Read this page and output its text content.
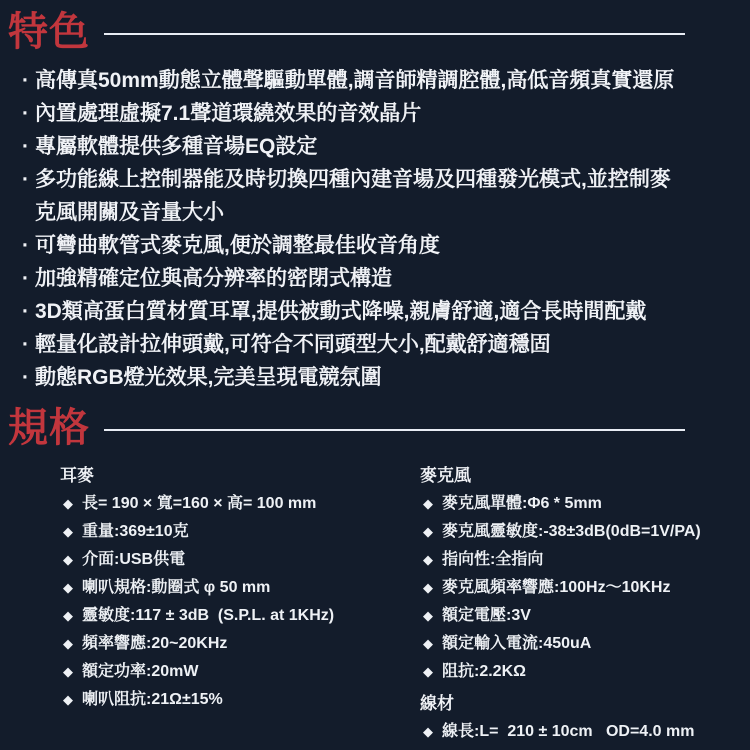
特色
· 高傳真50mm動態立體聲驅動單體,調音師精調腔體,高低音頻真實還原
· 內置處理虛擬7.1聲道環繞效果的音效晶片
· 專屬軟體提供多種音場EQ設定
· 多功能線上控制器能及時切換四種內建音場及四種發光模式,並控制麥克風開關及音量大小
· 可彎曲軟管式麥克風,便於調整最佳收音角度
· 加強精確定位與高分辨率的密閉式構造
· 3D類高蛋白質材質耳罩,提供被動式降噪,親膚舒適,適合長時間配戴
· 輕量化設計拉伸頭戴,可符合不同頭型大小,配戴舒適穩固
· 動態RGB燈光效果,完美呈現電競氛圍
規格
耳麥
◆ 長= 190 × 寬=160 × 高= 100 mm
◆ 重量:369±10克
◆ 介面:USB供電
◆ 喇叭規格:動圈式 φ 50 mm
◆ 靈敏度:117 ± 3dB  (S.P.L. at 1KHz)
◆ 頻率響應:20~20KHz
◆ 額定功率:20mW
◆ 喇叭阻抗:21Ω±15%
麥克風
◆ 麥克風單體:Φ6 * 5mm
◆ 麥克風靈敏度:-38±3dB(0dB=1V/PA)
◆ 指向性:全指向
◆ 麥克風頻率響應:100Hz～10KHz
◆ 額定電壓:3V
◆ 額定輸入電流:450uA
◆ 阻抗:2.2KΩ
線材
◆ 線長:L=  210 ± 10cm   OD=4.0 mm
